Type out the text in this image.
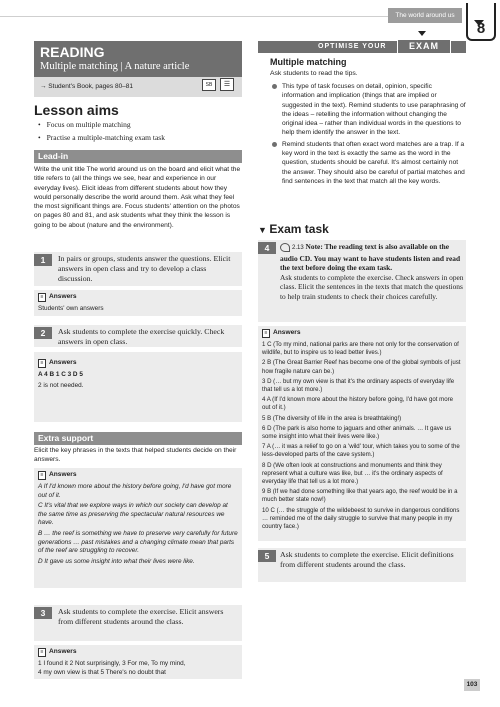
The world around us
8
READING
Multiple matching | A nature article
→ Student's Book, pages 80–81	SB	☰
Lesson aims
• Focus on multiple matching
• Practise a multiple-matching exam task
Lead-in
Write the unit title The world around us on the board and elicit what the title refers to (all the things we see, hear and experience in our everyday lives). Elicit ideas from different students about how they would personally describe the world around them. Ask what they feel the most significant things are. Focus students' attention on the photos on pages 80 and 81, and ask students what they think the lesson is going to be about (nature and the environment).
1	In pairs or groups, students answer the questions. Elicit answers in open class and try to develop a class discussion.
≡ Answers
Students' own answers
2	Ask students to complete the exercise quickly. Check answers in open class.
≡ Answers
A 4 B 1 C 3 D 5
2 is not needed.
Extra support
Elicit the key phrases in the texts that helped students decide on their answers.
≡ Answers
A If I'd known more about the history before going, I'd have got more out of it.
C It's vital that we explore ways in which our society can develop at the same time as preserving the spectacular natural resources we have.
B … the reef is something we have to preserve very carefully for future generations … past mistakes and a changing climate mean that parts of the reef are struggling to recover.
D It gave us some insight into what their lives were like.
3	Ask students to complete the exercise. Elicit answers from different students around the class.
≡ Answers
1 I found it 2 Not surprisingly, 3 For me, To my mind,
4 my own view is that 5 There's no doubt that
OPTIMISE YOUR	EXAM
Multiple matching
Ask students to read the tips.
This type of task focuses on detail, opinion, specific information and implication (things that are implied or suggested in the text). Remind students to use paraphrasing of the ideas – retelling the information without changing the original idea – rather than individual words in the questions to help them identify the answer in the text.
Remind students that often exact word matches are a trap. If a key word in the text is exactly the same as the word in the question, students should be careful. It's almost certainly not the answer. They should also be careful of partial matches and find sentences in the text that match all the key words.
▼ Exam task
4	2.13 Note: The reading text is also available on the audio CD. You may want to have students listen and read the text before doing the exam task.
Ask students to complete the exercise. Check answers in open class. Elicit the sentences in the texts that match the questions to help train students to check their choices carefully.
≡ Answers
1 C (To my mind, national parks are there not only for the conservation of wildlife, but to inspire us to lead better lives.)
2 B (The Great Barrier Reef has become one of the global symbols of just how fragile nature can be.)
3 D (… but my own view is that it's the ordinary aspects of everyday life that tell us a lot more.)
4 A (If I'd known more about the history before going, I'd have got more out of it.)
5 B (The diversity of life in the area is breathtaking!)
6 D (The park is also home to jaguars and other animals. … It gave us some insight into what their lives were like.)
7 A (… it was a relief to go on a 'wild' tour, which takes you to some of the less-developed parts of the cave system.)
8 D (We often look at constructions and monuments and think they represent what a culture was like, but … it's the ordinary aspects of everyday life that tell us a lot more.)
9 B (If we had done something like that years ago, the reef would be in a much better state now!)
10 C (… the struggle of the wildebeest to survive in dangerous conditions … reminded me of the daily struggle to survive that many people in my country face.)
5	Ask students to complete the exercise. Elicit definitions from different students around the class.
103
